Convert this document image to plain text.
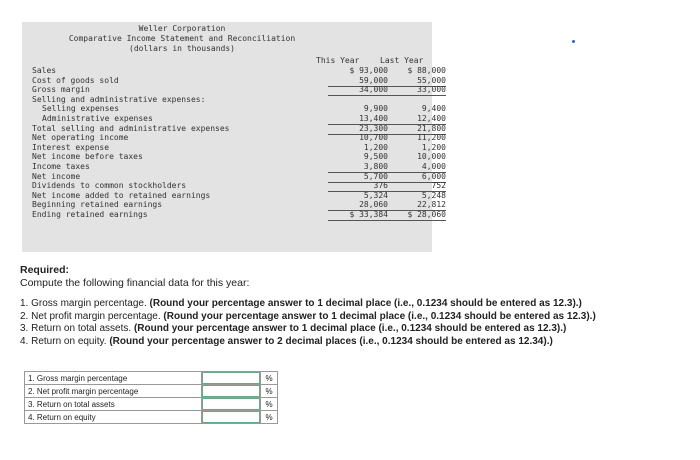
Weller Corporation
Comparative Income Statement and Reconciliation
(dollars in thousands)
This Year	Last Year
Sales	$ 93,000	$ 88,000
Cost of goods sold	59,000	55,000
Gross margin	34,000	33,000
Selling and administrative expenses:
Selling expenses	9,900	9,400
Administrative expenses	13,400	12,400
Total selling and administrative expenses	23,300	21,800
Net operating income	10,700	11,200
Interest expense	1,200	1,200
Net income before taxes	9,500	10,000
Income taxes	3,800	4,000
Net income	5,700	6,000
Dividends to common stockholders	376	752
Net income added to retained earnings	5,324	5,248
Beginning retained earnings	28,060	22,812
Ending retained earnings	$ 33,384	$ 28,060
Required:
Compute the following financial data for this year:
1. Gross margin percentage. (Round your percentage answer to 1 decimal place (i.e., 0.1234 should be entered as 12.3).)
2. Net profit margin percentage. (Round your percentage answer to 1 decimal place (i.e., 0.1234 should be entered as 12.3).)
3. Return on total assets. (Round your percentage answer to 1 decimal place (i.e., 0.1234 should be entered as 12.3).)
4. Return on equity. (Round your percentage answer to 2 decimal places (i.e., 0.1234 should be entered as 12.34).)
1. Gross margin percentage		%
2. Net profit margin percentage		%
3. Return on total assets		%
4. Return on equity		%
